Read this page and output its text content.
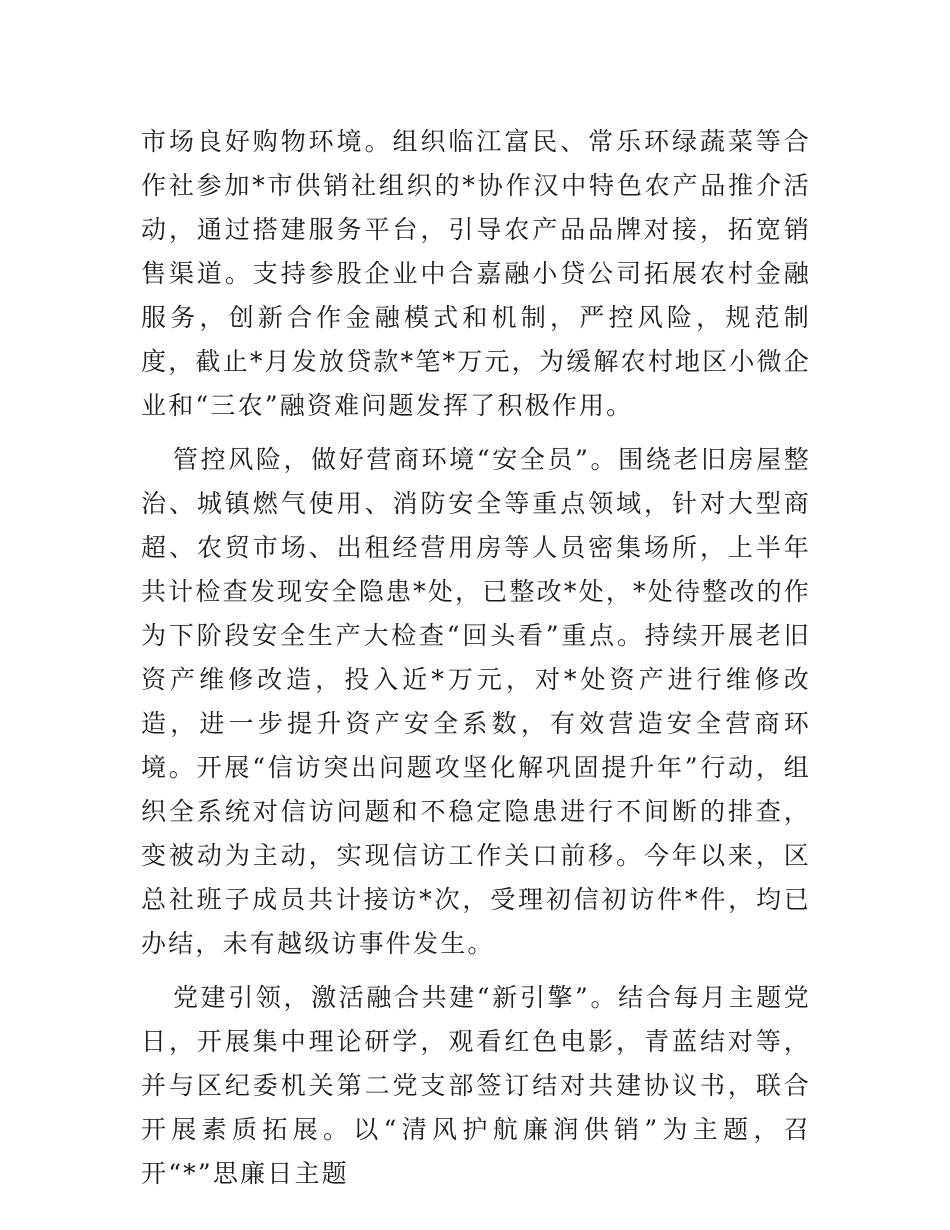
市场良好购物环境。组织临江富民、常乐环绿蔬菜等合作社参加*市供销社组织的*协作汉中特色农产品推介活动，通过搭建服务平台，引导农产品品牌对接，拓宽销售渠道。支持参股企业中合嘉融小贷公司拓展农村金融服务，创新合作金融模式和机制，严控风险，规范制度，截止*月发放贷款*笔*万元，为缓解农村地区小微企业和“三农”融资难问题发挥了积极作用。

管控风险，做好营商环境“安全员”。围绕老旧房屋整治、城镇燃气使用、消防安全等重点领域，针对大型商超、农贸市场、出租经营用房等人员密集场所，上半年共计检查发现安全隐患*处，已整改*处，*处待整改的作为下阶段安全生产大检查“回头看”重点。持续开展老旧资产维修改造，投入近*万元，对*处资产进行维修改造，进一步提升资产安全系数，有效营造安全营商环境。开展“信访突出问题攻坚化解巩固提升年”行动，组织全系统对信访问题和不稳定隐患进行不间断的排查，变被动为主动，实现信访工作关口前移。今年以来，区总社班子成员共计接访*次，受理初信初访件*件，均已办结，未有越级访事件发生。

党建引领，激活融合共建“新引擎”。结合每月主题党日，开展集中理论研学，观看红色电影，青蓝结对等，并与区纪委机关第二党支部签订结对共建协议书，联合开展素质拓展。以“清风护航廉润供销”为主题，召开“*”思廉日主题
